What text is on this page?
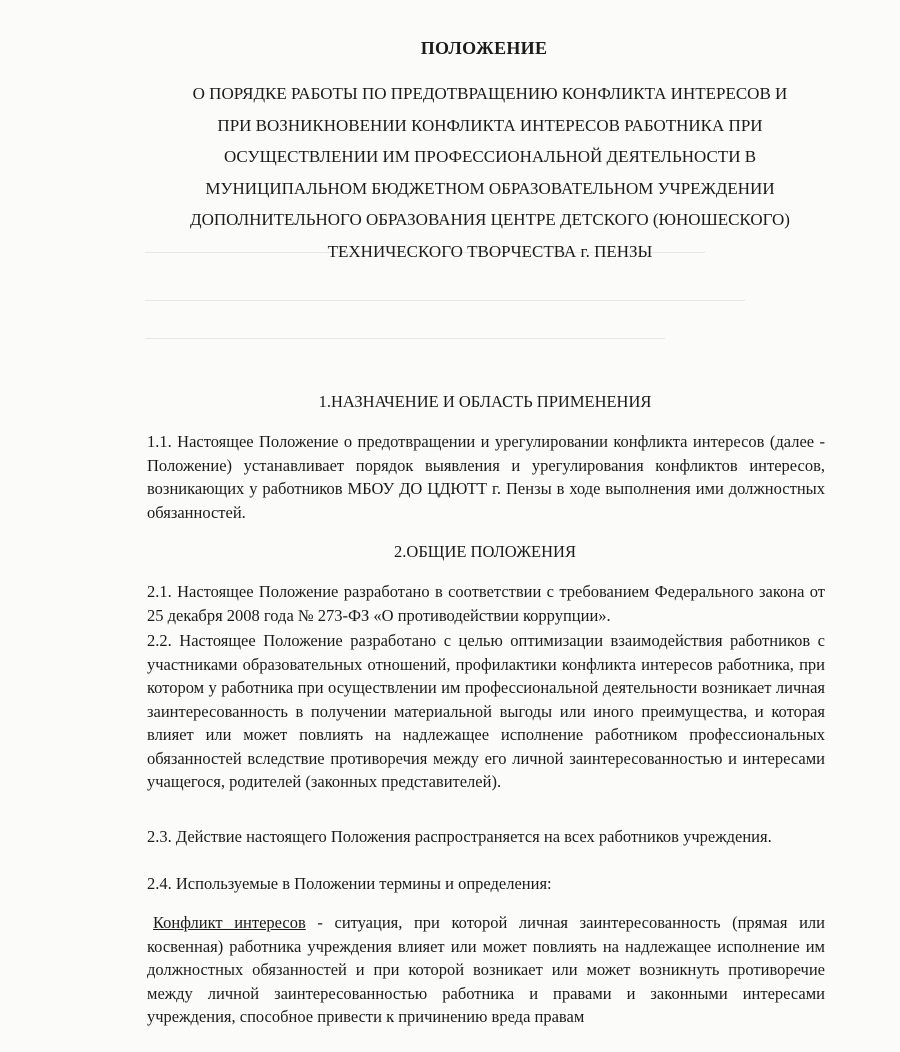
ПОЛОЖЕНИЕ
О ПОРЯДКЕ РАБОТЫ ПО ПРЕДОТВРАЩЕНИЮ КОНФЛИКТА ИНТЕРЕСОВ И
ПРИ ВОЗНИКНОВЕНИИ КОНФЛИКТА ИНТЕРЕСОВ РАБОТНИКА ПРИ
ОСУЩЕСТВЛЕНИИ ИМ ПРОФЕССИОНАЛЬНОЙ ДЕЯТЕЛЬНОСТИ В
МУНИЦИПАЛЬНОМ БЮДЖЕТНОМ ОБРАЗОВАТЕЛЬНОМ УЧРЕЖДЕНИИ
ДОПОЛНИТЕЛЬНОГО ОБРАЗОВАНИЯ ЦЕНТРЕ ДЕТСКОГО (ЮНОШЕСКОГО)
ТЕХНИЧЕСКОГО ТВОРЧЕСТВА г. ПЕНЗЫ
1.НАЗНАЧЕНИЕ И ОБЛАСТЬ ПРИМЕНЕНИЯ
1.1. Настоящее Положение о предотвращении и урегулировании конфликта интересов (далее - Положение) устанавливает порядок выявления и урегулирования конфликтов интересов, возникающих у работников МБОУ ДО ЦДЮТТ г. Пензы в ходе выполнения ими должностных обязанностей.
2.ОБЩИЕ ПОЛОЖЕНИЯ
2.1. Настоящее Положение разработано в соответствии с требованием Федерального закона от 25 декабря 2008 года № 273-ФЗ «О противодействии коррупции».
2.2. Настоящее Положение разработано с целью оптимизации взаимодействия работников с участниками образовательных отношений, профилактики конфликта интересов работника, при котором у работника при осуществлении им профессиональной деятельности возникает личная заинтересованность в получении материальной выгоды или иного преимущества, и которая влияет или может повлиять на надлежащее исполнение работником профессиональных обязанностей вследствие противоречия между его личной заинтересованностью и интересами учащегося, родителей (законных представителей).
2.3. Действие настоящего Положения распространяется на всех работников учреждения.
2.4. Используемые в Положении термины и определения:
Конфликт интересов - ситуация, при которой личная заинтересованность (прямая или косвенная) работника учреждения влияет или может повлиять на надлежащее исполнение им должностных обязанностей и при которой возникает или может возникнуть противоречие между личной заинтересованностью работника и правами и законными интересами учреждения, способное привести к причинению вреда правам
